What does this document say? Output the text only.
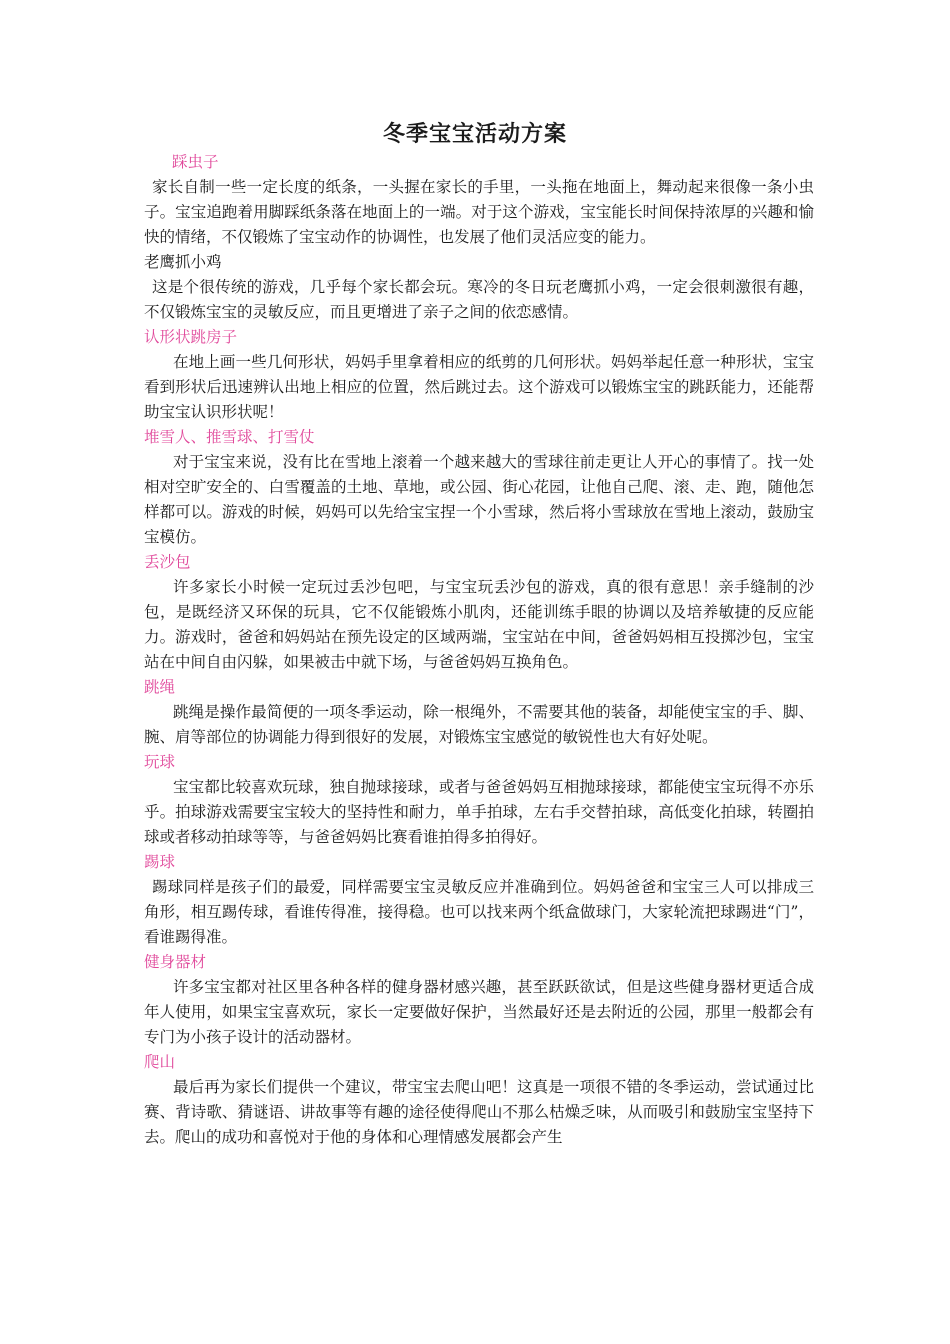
冬季宝宝活动方案
踩虫子
家长自制一些一定长度的纸条，一头握在家长的手里，一头拖在地面上，舞动起来很像一条小虫子。宝宝追跑着用脚踩纸条落在地面上的一端。对于这个游戏，宝宝能长时间保持浓厚的兴趣和愉快的情绪，不仅锻炼了宝宝动作的协调性，也发展了他们灵活应变的能力。
老鹰抓小鸡
这是个很传统的游戏，几乎每个家长都会玩。寒冷的冬日玩老鹰抓小鸡，一定会很刺激很有趣，不仅锻炼宝宝的灵敏反应，而且更增进了亲子之间的依恋感情。
认形状跳房子
在地上画一些几何形状，妈妈手里拿着相应的纸剪的几何形状。妈妈举起任意一种形状，宝宝看到形状后迅速辨认出地上相应的位置，然后跳过去。这个游戏可以锻炼宝宝的跳跃能力，还能帮助宝宝认识形状呢！
堆雪人、推雪球、打雪仗
对于宝宝来说，没有比在雪地上滚着一个越来越大的雪球往前走更让人开心的事情了。找一处相对空旷安全的、白雪覆盖的土地、草地，或公园、街心花园，让他自己爬、滚、走、跑，随他怎样都可以。游戏的时候，妈妈可以先给宝宝捏一个小雪球，然后将小雪球放在雪地上滚动，鼓励宝宝模仿。
丢沙包
许多家长小时候一定玩过丢沙包吧，与宝宝玩丢沙包的游戏，真的很有意思！亲手缝制的沙包，是既经济又环保的玩具，它不仅能锻炼小肌肉，还能训练手眼的协调以及培养敏捷的反应能力。游戏时，爸爸和妈妈站在预先设定的区域两端，宝宝站在中间，爸爸妈妈相互投掷沙包，宝宝站在中间自由闪躲，如果被击中就下场，与爸爸妈妈互换角色。
跳绳
跳绳是操作最简便的一项冬季运动，除一根绳外，不需要其他的装备，却能使宝宝的手、脚、腕、肩等部位的协调能力得到很好的发展，对锻炼宝宝感觉的敏锐性也大有好处呢。
玩球
宝宝都比较喜欢玩球，独自抛球接球，或者与爸爸妈妈互相抛球接球，都能使宝宝玩得不亦乐乎。拍球游戏需要宝宝较大的坚持性和耐力，单手拍球，左右手交替拍球，高低变化拍球，转圈拍球或者移动拍球等等，与爸爸妈妈比赛看谁拍得多拍得好。
踢球
踢球同样是孩子们的最爱，同样需要宝宝灵敏反应并准确到位。妈妈爸爸和宝宝三人可以排成三角形，相互踢传球，看谁传得准，接得稳。也可以找来两个纸盒做球门，大家轮流把球踢进“门”，看谁踢得准。
健身器材
许多宝宝都对社区里各种各样的健身器材感兴趣，甚至跃跃欲试，但是这些健身器材更适合成年人使用，如果宝宝喜欢玩，家长一定要做好保护，当然最好还是去附近的公园，那里一般都会有专门为小孩子设计的活动器材。
爬山
最后再为家长们提供一个建议，带宝宝去爬山吧！这真是一项很不错的冬季运动，尝试通过比赛、背诗歌、猜谜语、讲故事等有趣的途径使得爬山不那么枯燥乏味，从而吸引和鼓励宝宝坚持下去。爬山的成功和喜悦对于他的身体和心理情感发展都会产生
